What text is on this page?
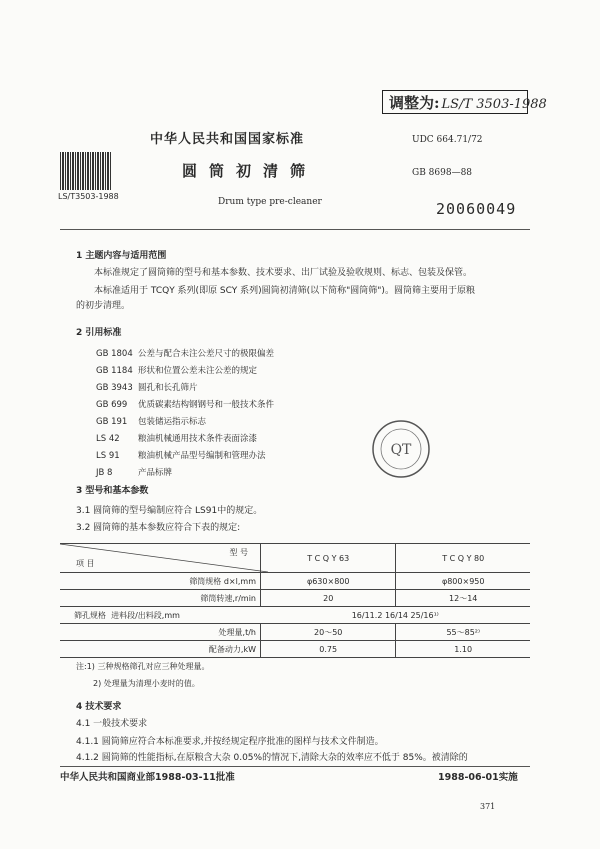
调整为: LS/T 3503-1988
LS/T3503-1988
中华人民共和国国家标准
圆筒初清筛
Drum type pre-cleaner
UDC 664.71/72
GB 8698—88
20060049
1 主题内容与适用范围
本标准规定了圆筒筛的型号和基本参数、技术要求、出厂试验及验收规则、标志、包装及保管。
本标准适用于 TCQY 系列(即原 SCY 系列)圆筒初清筛(以下简称"圆筒筛")。圆筒筛主要用于原粮
的初步清理。
2 引用标准
GB 1804 公差与配合未注公差尺寸的极限偏差
GB 1184 形状和位置公差未注公差的规定
GB 3943 圆孔和长孔筛片
GB 699 优质碳素结构钢钢号和一般技术条件
GB 191 包装储运指示标志
LS 42 粮油机械通用技术条件表面涂漆
LS 91 粮油机械产品型号编制和管理办法
JB 8	产品标牌
QT
3 型号和基本参数
3.1 圆筒筛的型号编制应符合 LS91中的规定。
3.2 圆筒筛的基本参数应符合下表的规定:
型 号
项 目	T C Q Y 63	T C Q Y 80
筛筒规格 d×l,mm	φ630×800	φ800×950
筛筒转速,r/min	20	12～14
筛孔规格 进料段/出料段,mm	16/11.2 16/14 25/16¹⁾	
处理量,t/h	20～50	55～85²⁾
配备动力,kW	0.75	1.10
注:1) 三种规格筛孔对应三种处理量。
2) 处理量为清理小麦时的值。
4 技术要求
4.1 一般技术要求
4.1.1 圆筒筛应符合本标准要求,并按经规定程序批准的图样与技术文件制造。
4.1.2 圆筒筛的性能指标,在原粮含大杂 0.05%的情况下,清除大杂的效率应不低于 85%。被清除的
中华人民共和国商业部1988-03-11批准	1988-06-01实施
371
